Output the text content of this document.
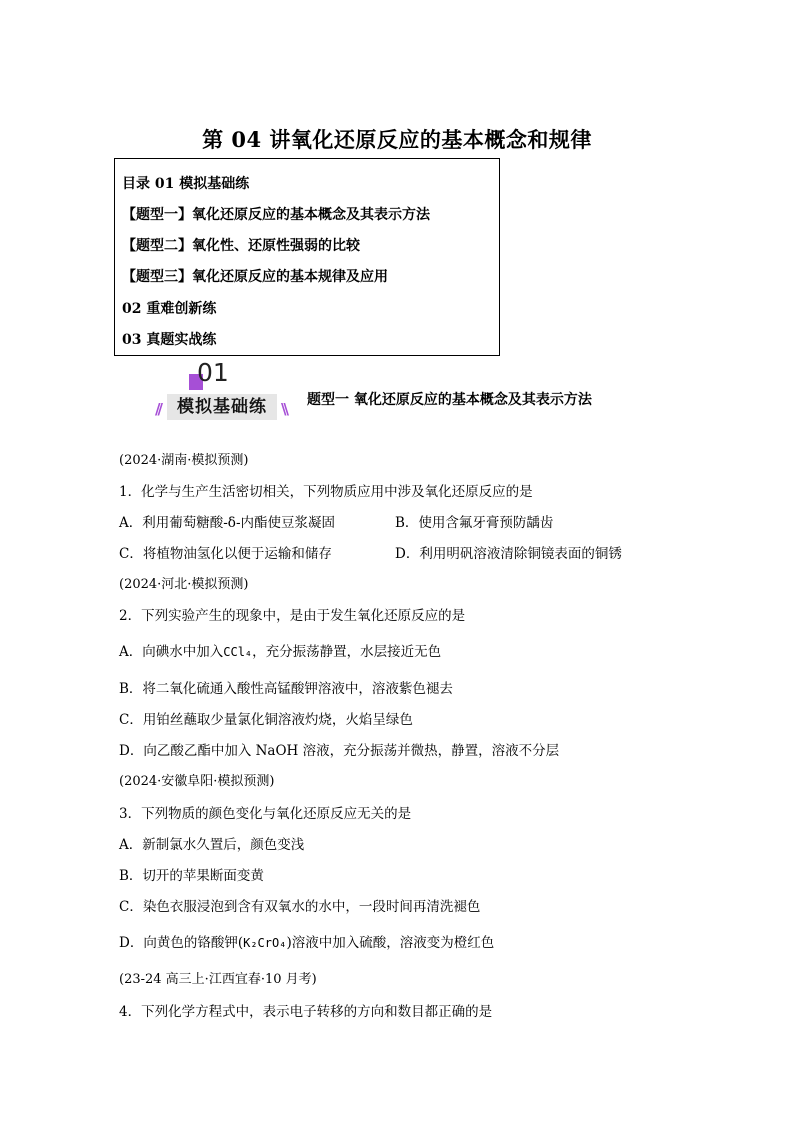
第 04 讲氧化还原反应的基本概念和规律
目录 01 模拟基础练
【题型一】氧化还原反应的基本概念及其表示方法
【题型二】氧化性、还原性强弱的比较
【题型三】氧化还原反应的基本规律及应用
02 重难创新练
03 真题实战练
01
//	模拟基础练 \\ 题型一 氧化还原反应的基本概念及其表示方法
(2024·湖南·模拟预测)
1．化学与生产生活密切相关，下列物质应用中涉及氧化还原反应的是
A．利用葡萄糖酸-δ-内酯使豆浆凝固	B．使用含氟牙膏预防龋齿
C．将植物油氢化以便于运输和储存	D．利用明矾溶液清除铜镜表面的铜锈
(2024·河北·模拟预测)
2．下列实验产生的现象中，是由于发生氧化还原反应的是
A．向碘水中加入CCl₄，充分振荡静置，水层接近无色
B．将二氧化硫通入酸性高锰酸钾溶液中，溶液紫色褪去
C．用铂丝蘸取少量氯化铜溶液灼烧，火焰呈绿色
D．向乙酸乙酯中加入 NaOH 溶液，充分振荡并微热，静置，溶液不分层
(2024·安徽阜阳·模拟预测)
3．下列物质的颜色变化与氧化还原反应无关的是
A．新制氯水久置后，颜色变浅
B．切开的苹果断面变黄
C．染色衣服浸泡到含有双氧水的水中，一段时间再清洗褪色
D．向黄色的铬酸钾(K₂CrO₄)溶液中加入硫酸，溶液变为橙红色
(23-24 高三上·江西宜春·10 月考)
4．下列化学方程式中，表示电子转移的方向和数目都正确的是
